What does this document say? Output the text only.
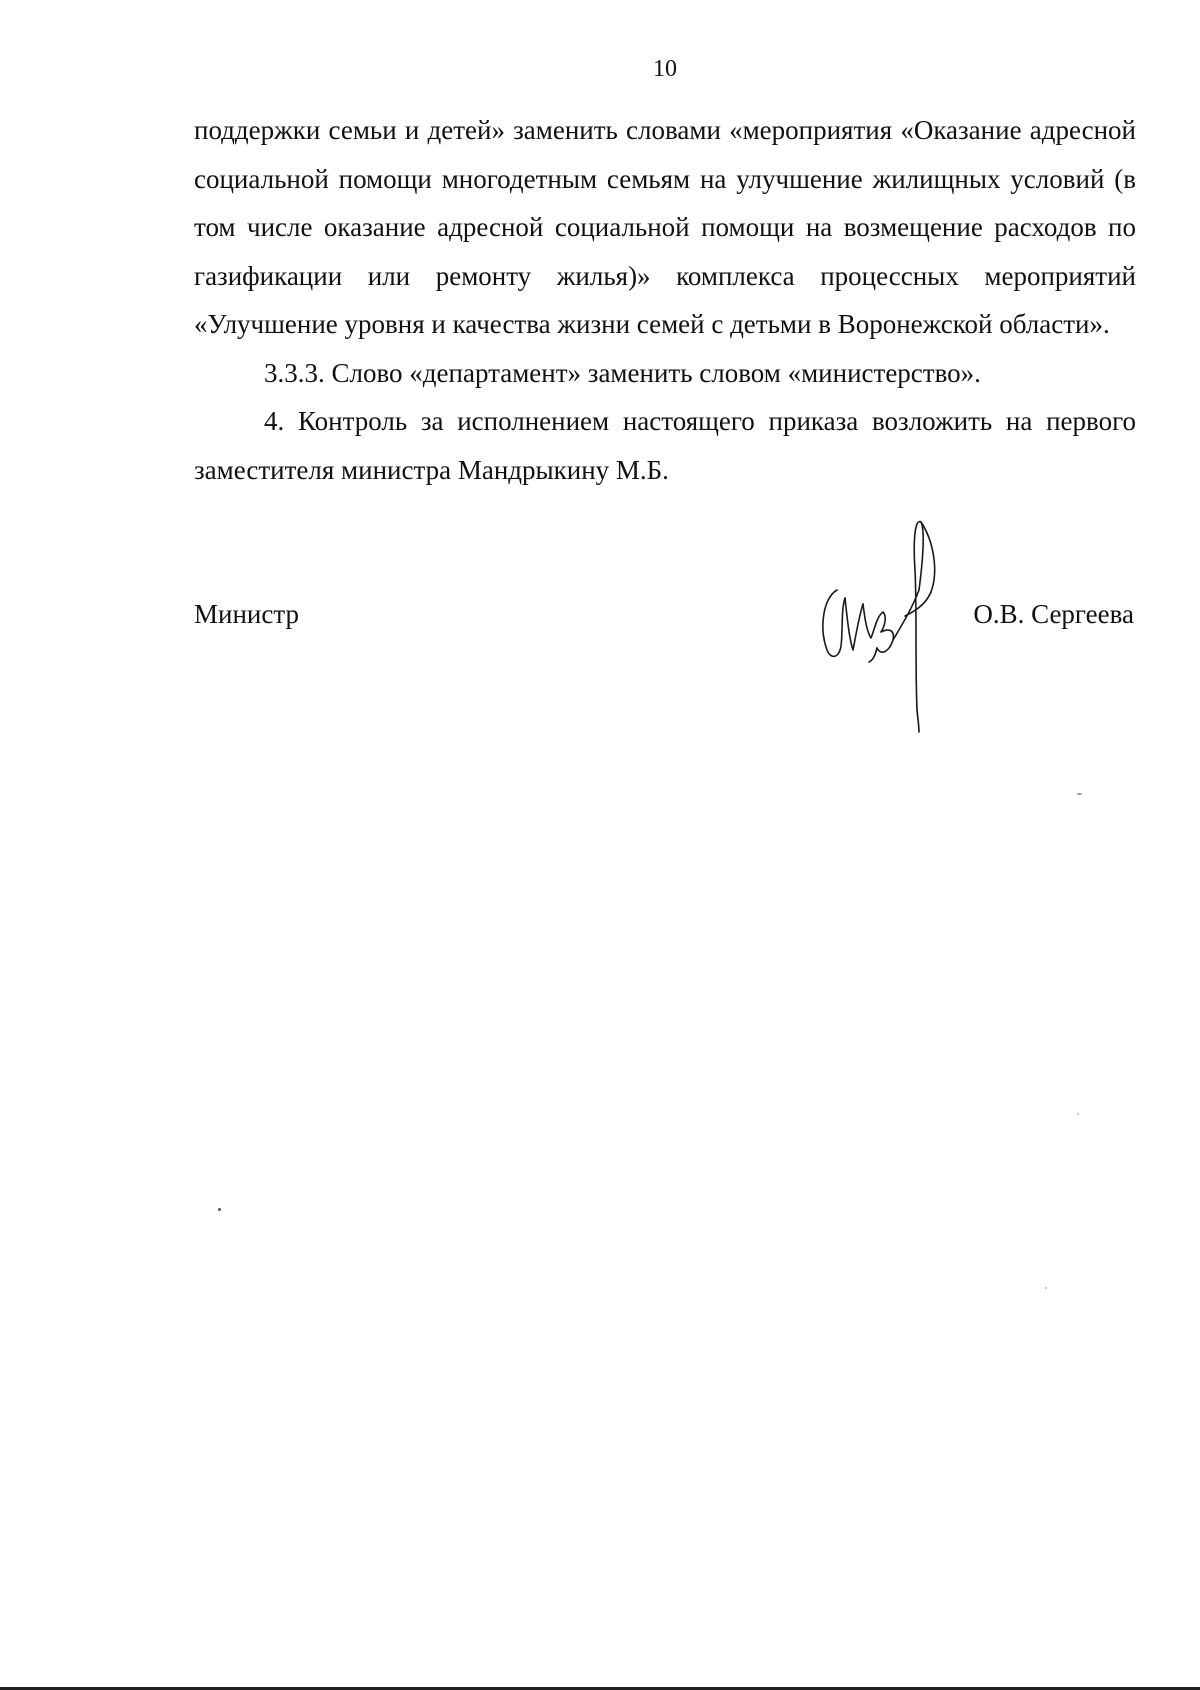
10

поддержки семьи и детей» заменить словами «мероприятия «Оказание адресной социальной помощи многодетным семьям на улучшение жилищных условий (в том числе оказание адресной социальной помощи на возмещение расходов по газификации или ремонту жилья)» комплекса процессных мероприятий «Улучшение уровня и качества жизни семей с детьми в Воронежской области».

3.3.3. Слово «департамент» заменить словом «министерство».

4. Контроль за исполнением настоящего приказа возложить на первого заместителя министра Мандрыкину М.Б.

Министр	О.В. Сергеева
